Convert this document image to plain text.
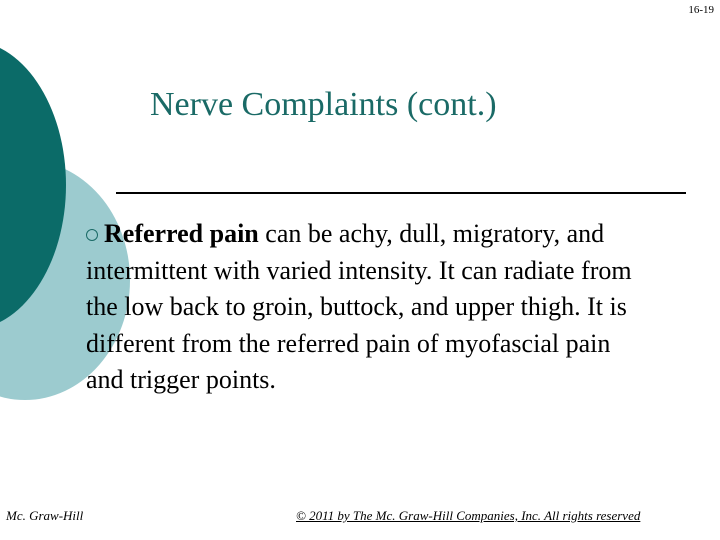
16-19
Nerve Complaints (cont.)
Referred pain can be achy, dull, migratory, and intermittent with varied intensity. It can radiate from the low back to groin, buttock, and upper thigh. It is different from the referred pain of myofascial pain and trigger points.
Mc. Graw-Hill	© 2011 by The Mc. Graw-Hill Companies, Inc. All rights reserved
